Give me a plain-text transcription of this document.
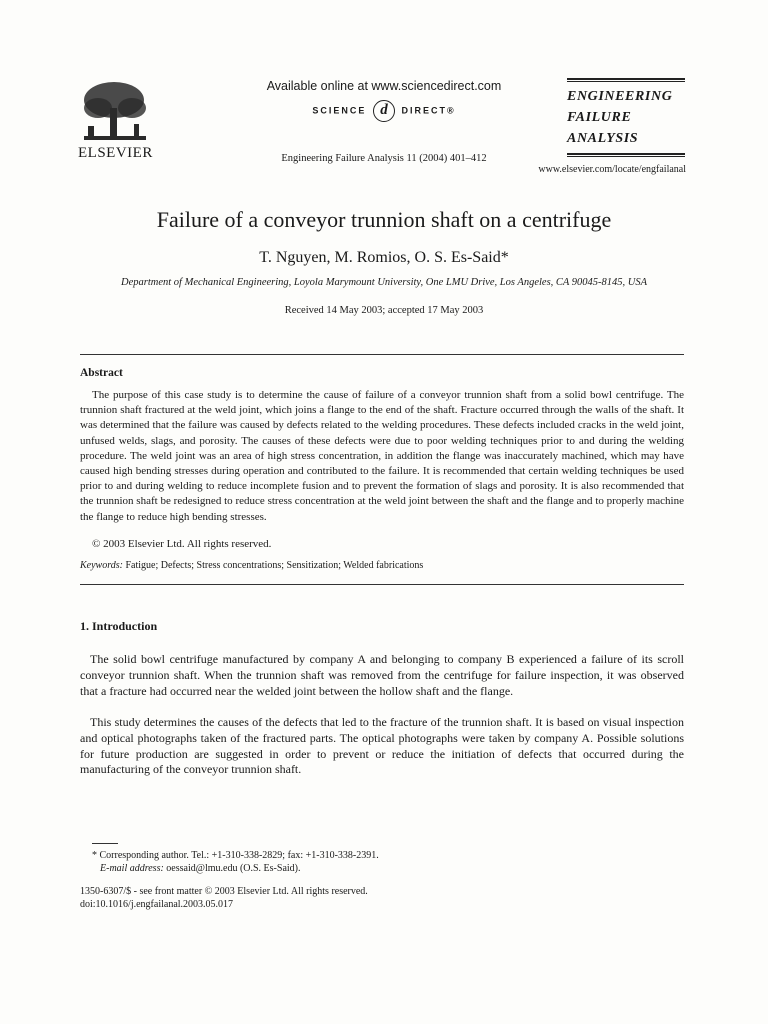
ELSEVIER
Available online at www.sciencedirect.com
SCIENCE d DIRECT®
Engineering Failure Analysis 11 (2004) 401–412
ENGINEERING
FAILURE
ANALYSIS
www.elsevier.com/locate/engfailanal
Failure of a conveyor trunnion shaft on a centrifuge
T. Nguyen, M. Romios, O. S. Es-Said*
Department of Mechanical Engineering, Loyola Marymount University, One LMU Drive, Los Angeles, CA 90045-8145, USA
Received 14 May 2003; accepted 17 May 2003
Abstract
The purpose of this case study is to determine the cause of failure of a conveyor trunnion shaft from a solid bowl centrifuge. The trunnion shaft fractured at the weld joint, which joins a flange to the end of the shaft. Fracture occurred through the walls of the shaft. It was determined that the failure was caused by defects related to the welding procedures. These defects included cracks in the weld joint, unfused welds, slags, and porosity. The causes of these defects were due to poor welding techniques prior to and during the welding procedure. The weld joint was an area of high stress concentration, in addition the flange was inaccurately machined, which may have caused high bending stresses during operation and contributed to the failure. It is recommended that certain welding techniques be used prior to and during welding to reduce incomplete fusion and to prevent the formation of slags and porosity. It is also recommended that the trunnion shaft be redesigned to reduce stress concentration at the weld joint between the shaft and the flange and to properly machine the flange to reduce high bending stresses.
© 2003 Elsevier Ltd. All rights reserved.
Keywords: Fatigue; Defects; Stress concentrations; Sensitization; Welded fabrications
1. Introduction
The solid bowl centrifuge manufactured by company A and belonging to company B experienced a failure of its scroll conveyor trunnion shaft. When the trunnion shaft was removed from the centrifuge for failure inspection, it was observed that a fracture had occurred near the welded joint between the hollow shaft and the flange.
This study determines the causes of the defects that led to the fracture of the trunnion shaft. It is based on visual inspection and optical photographs taken of the fractured parts. The optical photographs were taken by company A. Possible solutions for future production are suggested in order to prevent or reduce the initiation of defects that occurred during the manufacturing of the conveyor trunnion shaft.
* Corresponding author. Tel.: +1-310-338-2829; fax: +1-310-338-2391.
E-mail address: oessaid@lmu.edu (O.S. Es-Said).
1350-6307/$ - see front matter © 2003 Elsevier Ltd. All rights reserved.
doi:10.1016/j.engfailanal.2003.05.017
